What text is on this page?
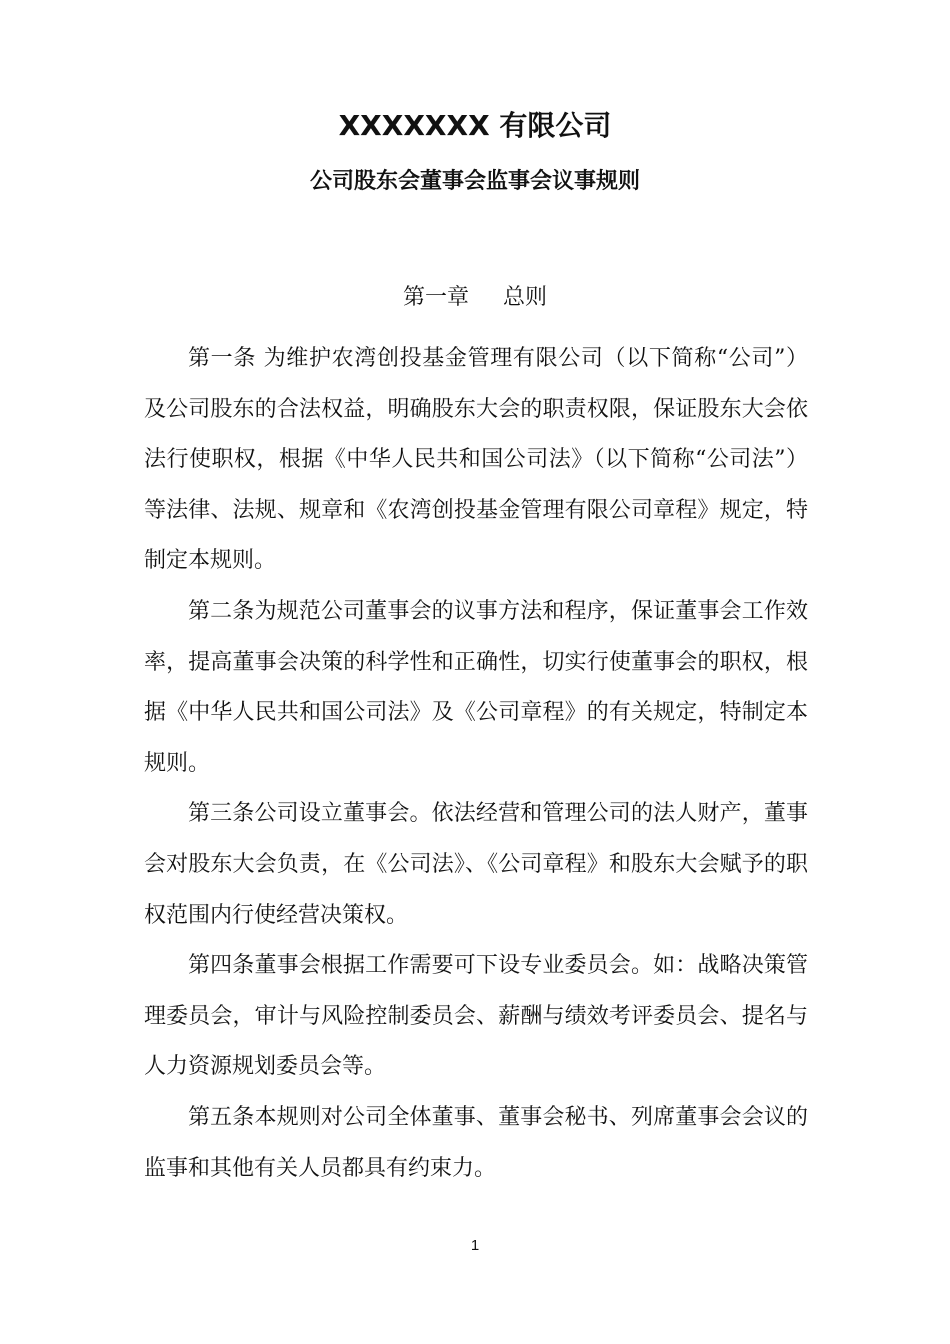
XXXXXXX 有限公司
公司股东会董事会监事会议事规则
第一章 总则

第一条 为维护农湾创投基金管理有限公司（以下简称“公司”）及公司股东的合法权益，明确股东大会的职责权限，保证股东大会依法行使职权，根据《中华人民共和国公司法》（以下简称“公司法”）等法律、法规、规章和《农湾创投基金管理有限公司章程》规定，特制定本规则。

第二条为规范公司董事会的议事方法和程序，保证董事会工作效率，提高董事会决策的科学性和正确性，切实行使董事会的职权，根据《中华人民共和国公司法》及《公司章程》的有关规定，特制定本规则。

第三条公司设立董事会。依法经营和管理公司的法人财产，董事会对股东大会负责，在《公司法》、《公司章程》和股东大会赋予的职权范围内行使经营决策权。

第四条董事会根据工作需要可下设专业委员会。如：战略决策管理委员会，审计与风险控制委员会、薪酬与绩效考评委员会、提名与人力资源规划委员会等。

第五条本规则对公司全体董事、董事会秘书、列席董事会会议的监事和其他有关人员都具有约束力。

1
